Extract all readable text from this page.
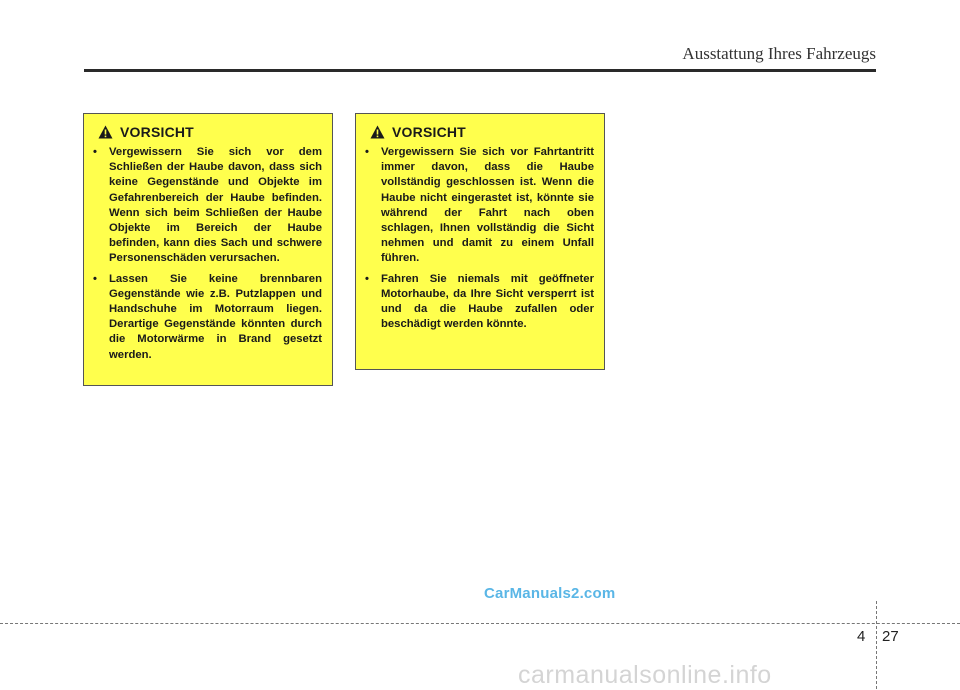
Ausstattung Ihres Fahrzeugs
VORSICHT
• Vergewissern Sie sich vor dem Schließen der Haube davon, dass sich keine Gegenstände und Objekte im Gefahrenbereich der Haube befinden. Wenn sich beim Schließen der Haube Objekte im Bereich der Haube befinden, kann dies Sach und schwere Personenschäden verursachen.
• Lassen Sie keine brennbaren Gegenstände wie z.B. Putzlappen und Handschuhe im Motorraum liegen. Derartige Gegenstände könnten durch die Motorwärme in Brand gesetzt werden.
VORSICHT
• Vergewissern Sie sich vor Fahrtantritt immer davon, dass die Haube vollständig geschlossen ist. Wenn die Haube nicht eingerastet ist, könnte sie während der Fahrt nach oben schlagen, Ihnen vollständig die Sicht nehmen und damit zu einem Unfall führen.
• Fahren Sie niemals mit geöffneter Motorhaube, da Ihre Sicht versperrt ist und da die Haube zufallen oder beschädigt werden könnte.
CarManuals2.com
4 27
carmanualsonline.info
